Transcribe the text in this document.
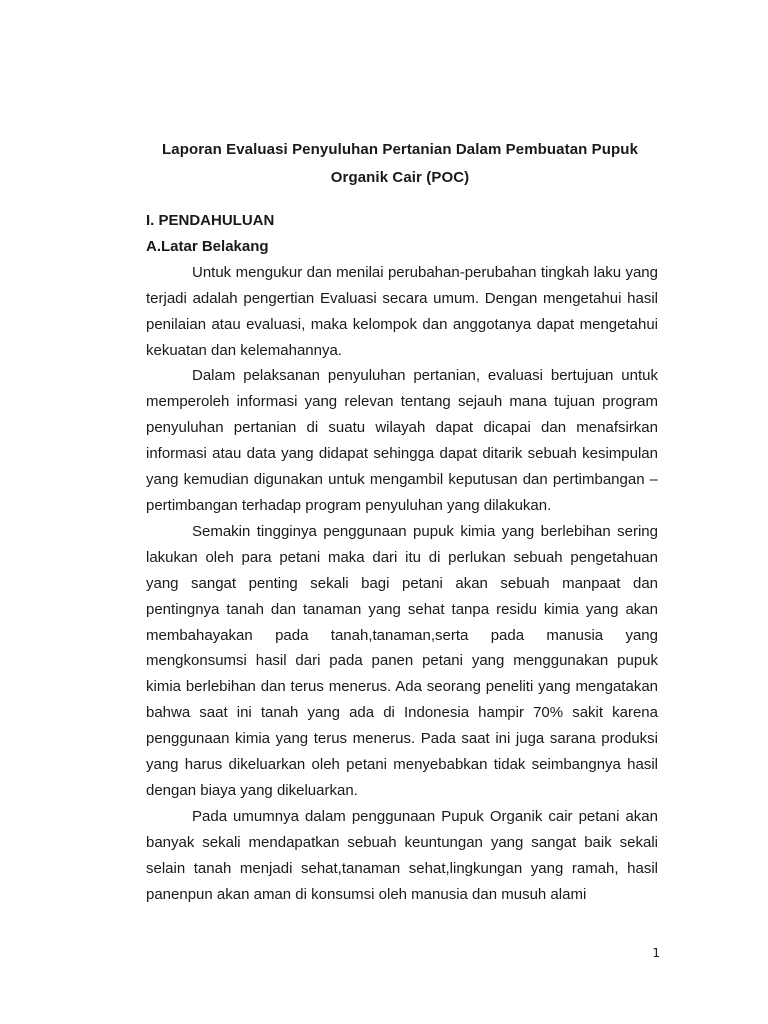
Laporan Evaluasi Penyuluhan Pertanian Dalam Pembuatan Pupuk
Organik Cair (POC)

I. PENDAHULUAN

A.Latar Belakang

Untuk mengukur dan menilai perubahan-perubahan tingkah laku yang terjadi adalah pengertian Evaluasi secara umum. Dengan mengetahui hasil penilaian atau evaluasi, maka kelompok dan anggotanya dapat mengetahui kekuatan dan kelemahannya.

Dalam pelaksanan penyuluhan pertanian, evaluasi bertujuan untuk memperoleh informasi yang relevan tentang sejauh mana tujuan program penyuluhan pertanian di suatu wilayah dapat dicapai dan menafsirkan informasi atau data yang didapat sehingga dapat ditarik sebuah kesimpulan yang kemudian digunakan untuk mengambil keputusan dan pertimbangan – pertimbangan terhadap program penyuluhan yang dilakukan.

Semakin tingginya penggunaan pupuk kimia yang berlebihan sering lakukan oleh para petani maka dari itu di perlukan sebuah pengetahuan yang sangat penting sekali bagi petani akan sebuah manpaat dan pentingnya tanah dan tanaman yang sehat tanpa residu kimia yang akan membahayakan pada tanah,tanaman,serta pada manusia yang mengkonsumsi hasil dari pada panen petani yang menggunakan pupuk kimia berlebihan dan terus menerus. Ada seorang peneliti yang mengatakan bahwa saat ini tanah yang ada di Indonesia hampir 70% sakit karena penggunaan kimia yang terus menerus. Pada saat ini juga sarana produksi yang harus dikeluarkan oleh petani menyebabkan tidak seimbangnya hasil dengan biaya yang dikeluarkan.

Pada umumnya dalam penggunaan Pupuk Organik cair petani akan banyak sekali mendapatkan sebuah keuntungan yang sangat baik sekali selain tanah menjadi sehat,tanaman sehat,lingkungan yang ramah, hasil panenpun akan aman di konsumsi oleh manusia dan musuh alami

1
